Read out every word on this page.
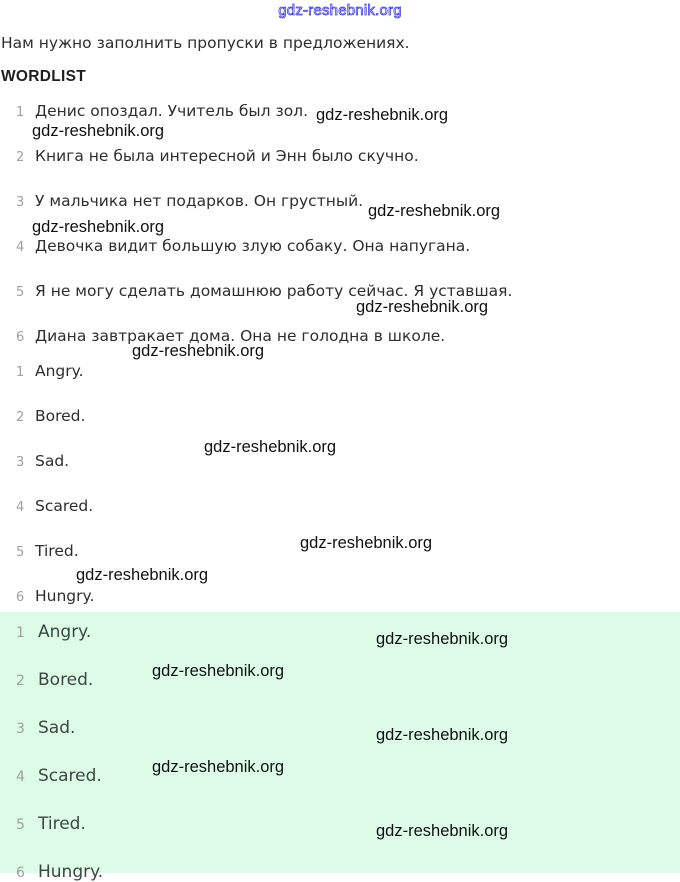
gdz-reshebnik.org
Нам нужно заполнить пропуски в предложениях.
WORDLIST
1 Денис опоздал. Учитель был зол.
2 Книга не была интересной и Энн было скучно.
3 У мальчика нет подарков. Он грустный.
4 Девочка видит большую злую собаку. Она напугана.
5 Я не могу сделать домашнюю работу сейчас. Я уставшая.
6 Диана завтракает дома. Она не голодна в школе.
1 Angry.
2 Bored.
3 Sad.
4 Scared.
5 Tired.
6 Hungry.
1 Angry.
2 Bored.
3 Sad.
4 Scared.
5 Tired.
6 Hungry.
gdz-reshebnik.org
gdz-reshebnik.org
gdz-reshebnik.org
gdz-reshebnik.org
gdz-reshebnik.org
gdz-reshebnik.org
gdz-reshebnik.org
gdz-reshebnik.org
gdz-reshebnik.org
gdz-reshebnik.org
gdz-reshebnik.org
gdz-reshebnik.org
gdz-reshebnik.org
gdz-reshebnik.org
